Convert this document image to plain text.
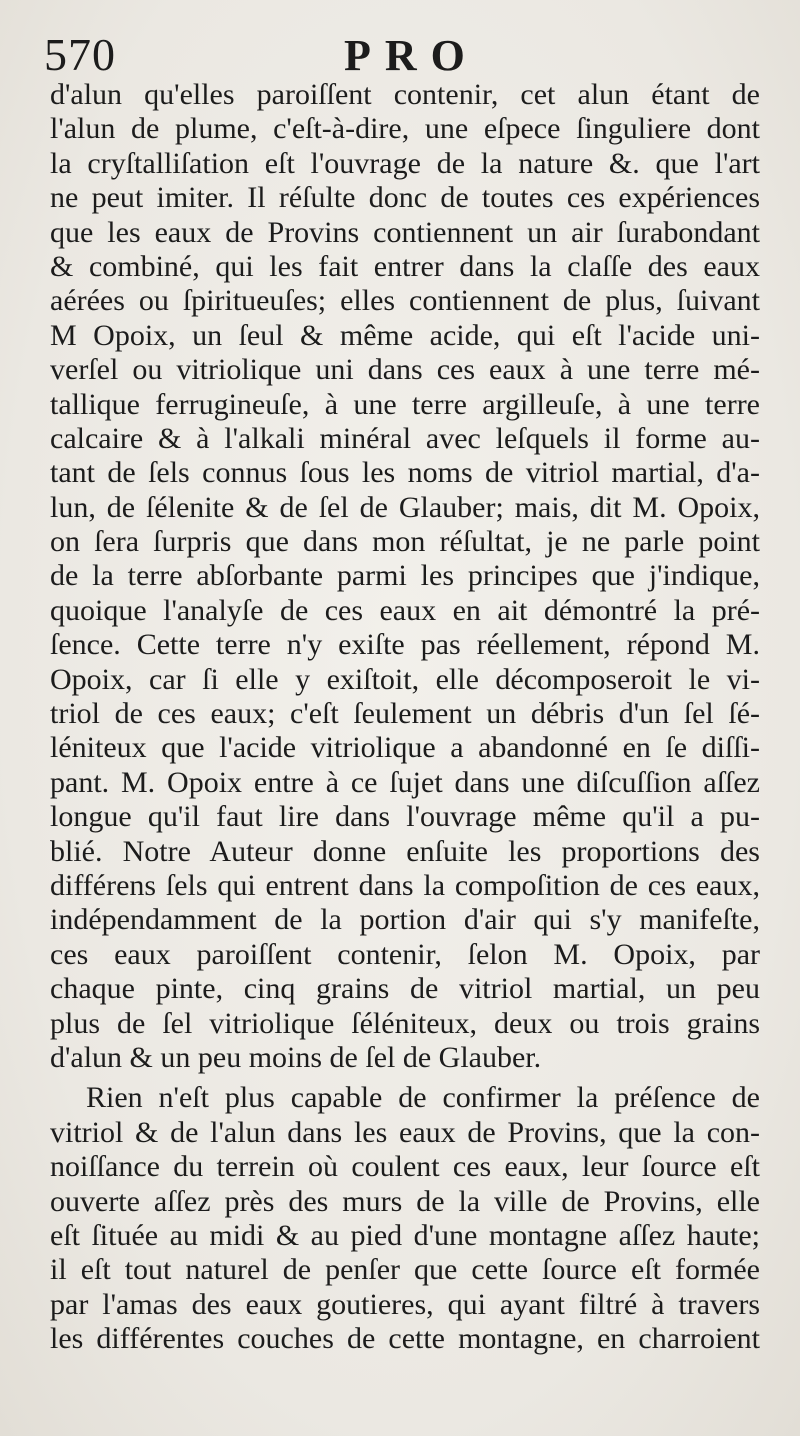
570	PRO
d'alun qu'elles paroiſſent contenir, cet alun étant de
l'alun de plume, c'eſt-à-dire, une eſpece ſinguliere dont
la cryſtalliſation eſt l'ouvrage de la nature &. que l'art
ne peut imiter. Il réſulte donc de toutes ces expériences
que les eaux de Provins contiennent un air ſurabondant
& combiné, qui les fait entrer dans la claſſe des eaux
aérées ou ſpiritueuſes; elles contiennent de plus, ſuivant
M Opoix, un ſeul & même acide, qui eſt l'acide uni-
verſel ou vitriolique uni dans ces eaux à une terre mé-
tallique ferrugineuſe, à une terre argilleuſe, à une terre
calcaire & à l'alkali minéral avec leſquels il forme au-
tant de ſels connus ſous les noms de vitriol martial, d'a-
lun, de ſélenite & de ſel de Glauber; mais, dit M. Opoix,
on ſera ſurpris que dans mon réſultat, je ne parle point
de la terre abſorbante parmi les principes que j'indique,
quoique l'analyſe de ces eaux en ait démontré la pré-
ſence. Cette terre n'y exiſte pas réellement, répond M.
Opoix, car ſi elle y exiſtoit, elle décomposeroit le vi-
triol de ces eaux; c'eſt ſeulement un débris d'un ſel ſé-
léniteux que l'acide vitriolique a abandonné en ſe diſſi-
pant. M. Opoix entre à ce ſujet dans une diſcuſſion aſſez
longue qu'il faut lire dans l'ouvrage même qu'il a pu-
blié. Notre Auteur donne enſuite les proportions des
différens ſels qui entrent dans la compoſition de ces eaux,
indépendamment de la portion d'air qui s'y manifeſte,
ces eaux paroiſſent contenir, ſelon M. Opoix, par
chaque pinte, cinq grains de vitriol martial, un peu
plus de ſel vitriolique ſéléniteux, deux ou trois grains
d'alun & un peu moins de ſel de Glauber.
Rien n'eſt plus capable de confirmer la préſence de
vitriol & de l'alun dans les eaux de Provins, que la con-
noiſſance du terrein où coulent ces eaux, leur ſource eſt
ouverte aſſez près des murs de la ville de Provins, elle
eſt ſituée au midi & au pied d'une montagne aſſez haute;
il eſt tout naturel de penſer que cette ſource eſt formée
par l'amas des eaux goutieres, qui ayant filtré à travers
les différentes couches de cette montagne, en charroient
